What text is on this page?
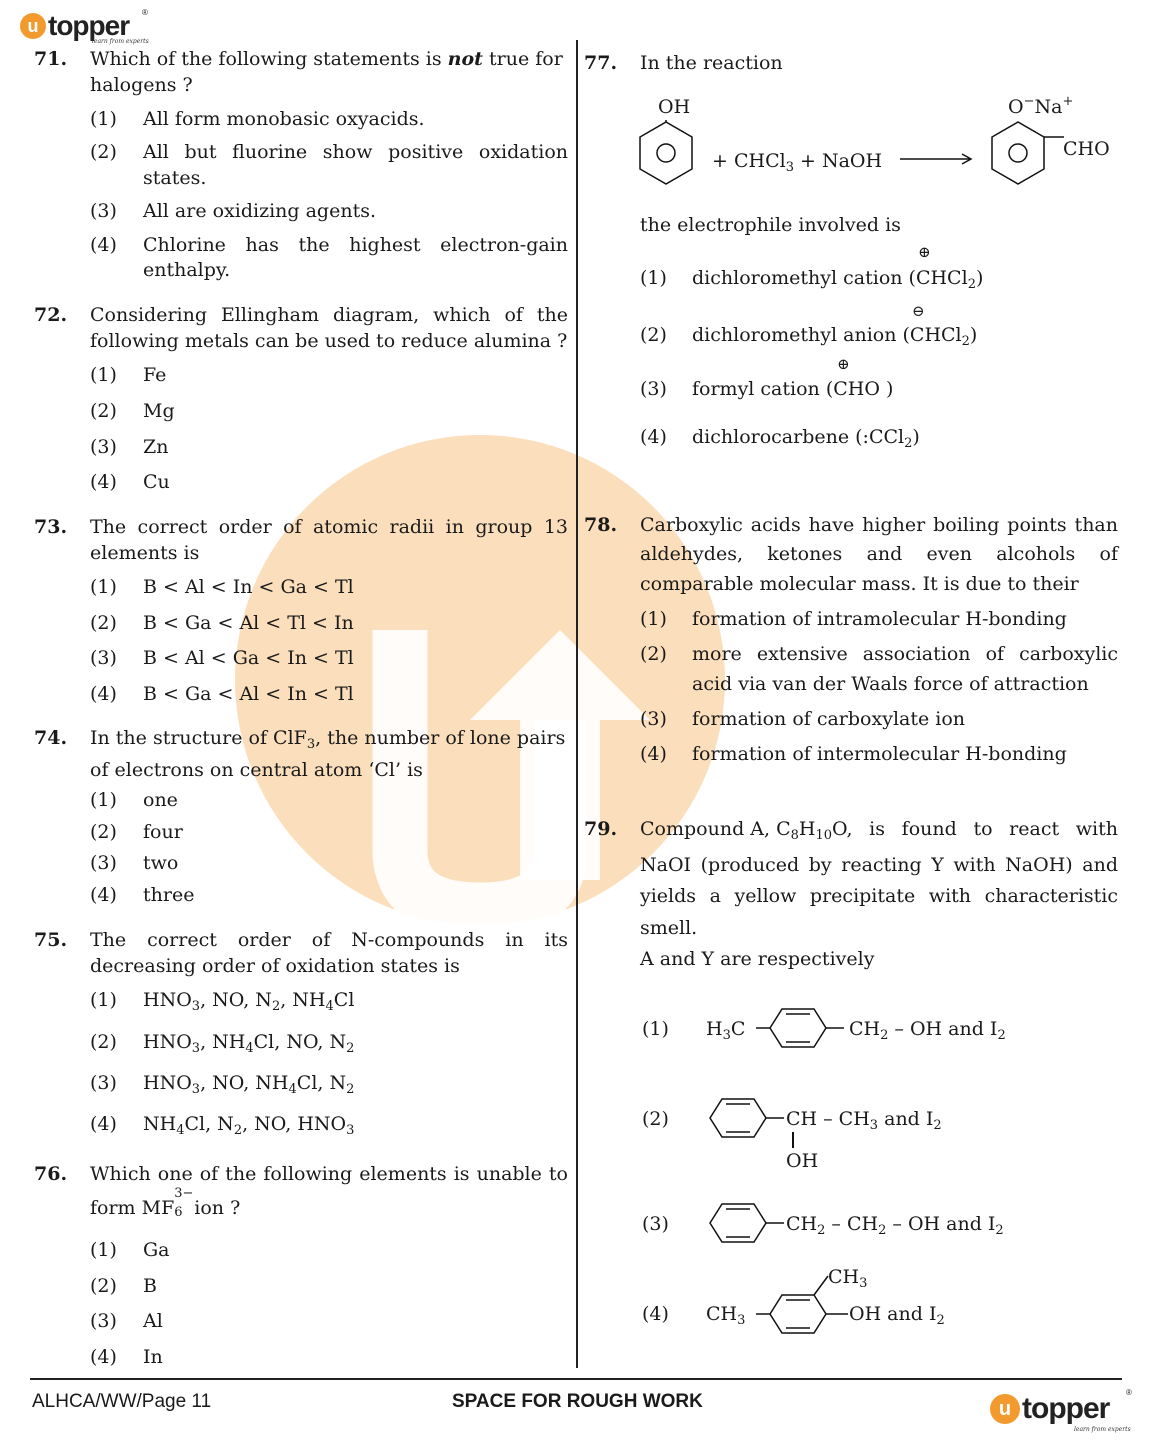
u topper ®
learn from experts
71. Which of the following statements is not true for
halogens ?
(1) All form monobasic oxyacids.
(2) All but fluorine show positive oxidation
states.
(3) All are oxidizing agents.
(4) Chlorine has the highest electron-gain
enthalpy.
72. Considering Ellingham diagram, which of the
following metals can be used to reduce alumina ?
(1) Fe
(2) Mg
(3) Zn
(4) Cu
73. The correct order of atomic radii in group 13
elements is
(1) B < Al < In < Ga < Tl
(2) B < Ga < Al < Tl < In
(3) B < Al < Ga < In < Tl
(4) B < Ga < Al < In < Tl
74. In the structure of ClF$_3$, the number of lone pairs
of electrons on central atom ‘Cl’ is
(1) one
(2) four
(3) two
(4) three
75. The correct order of N-compounds in its
decreasing order of oxidation states is
(1) $HNO_3$, NO, $N_2$, $NH_4Cl$
(2) $HNO_3$, $NH_4Cl$, NO, $N_2$
(3) $HNO_3$, NO, $NH_4Cl$, $N_2$
(4) $NH_4Cl$, $N_2$, NO, $HNO_3$
76. Which one of the following elements is unable to
form MF
3−
6 ion ?
(1) Ga
(2) B
(3) Al
(4) In
77. In the reaction
OH
+ CHCl$_3$ + NaOH
O−Na+
CHO
the electrophile involved is
(1)
⊕
dichloromethyl cation (CHCl$_2$)
(2)
⊖
dichloromethyl anion (CHCl$_2$)
(3)
⊕
formyl cation (CHO )
(4) dichlorocarbene (:CCl$_2$)
78. Carboxylic acids have higher boiling points than
aldehydes, ketones and even alcohols of
comparable molecular mass. It is due to their
(1) formation of intramolecular H-bonding
(2) more extensive association of carboxylic
acid via van der Waals force of attraction
(3) formation of carboxylate ion
(4) formation of intermolecular H-bonding
79. Compound A, $C_8H_{10}$ O, is found to react with
NaOI (produced by reacting Y with NaOH) and
yields a yellow precipitate with characteristic
smell.
A and Y are respectively
(1) $H_3C$	$CH_2$ – OH and $I_2$
(2)	CH – $CH_3$ and $I_2$
OH
(3)	$CH_2 - CH_2$ – OH and $I_2$
(4) $CH_3$
$CH_3$
OH and $I_2$
ALHCA/WW/Page 11	SPACE FOR ROUGH WORK	u topper ®
learn from experts
